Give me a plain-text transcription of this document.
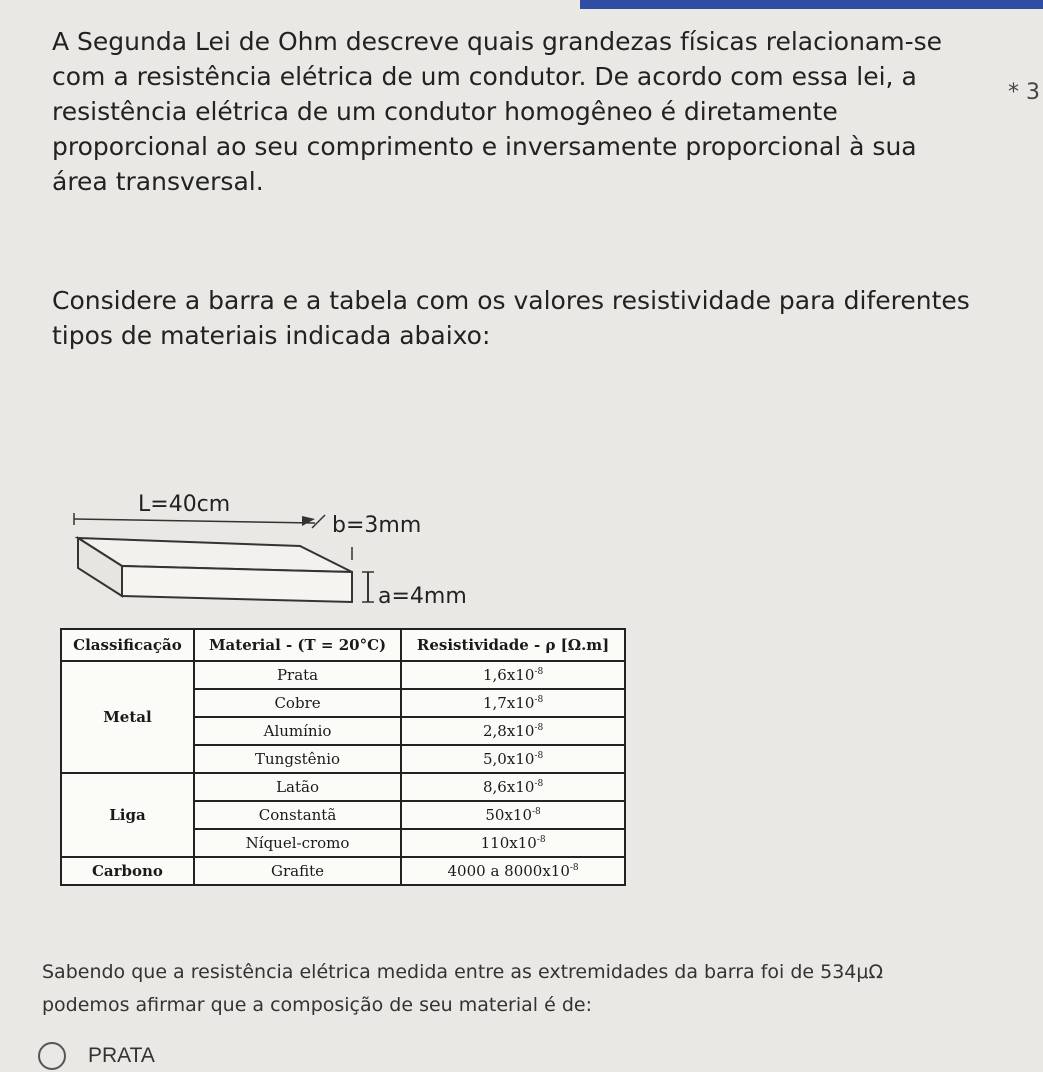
A Segunda Lei de Ohm descreve quais grandezas físicas relacionam-se com a resistência elétrica de um condutor. De acordo com essa lei, a resistência elétrica de um condutor homogêneo é diretamente proporcional ao seu comprimento e inversamente proporcional à sua área transversal.

* 3

Considere a barra e a tabela com os valores resistividade para diferentes tipos de materiais indicada abaixo:

L=40cm
b=3mm
a=4mm
Classificação	Material - (T = 20°C)	Resistividade - ρ [Ω.m]
Metal	Prata	$1,6x10^{-8}$
	Cobre	$1,7x10^{-8}$
	Alumínio	$2,8x10^{-8}$
	Tungstênio	$5,0x10^{-8}$
Liga	Latão	$8,6x10^{-8}$
	Constantã	$50x10^{-8}$
	Níquel-cromo	$110x10^{-8}$
Carbono	Grafite	4000 a $8000x10^{-8}$

Sabendo que a resistência elétrica medida entre as extremidades da barra foi de 534μΩ

podemos afirmar que a composição de seu material é de:

PRATA
